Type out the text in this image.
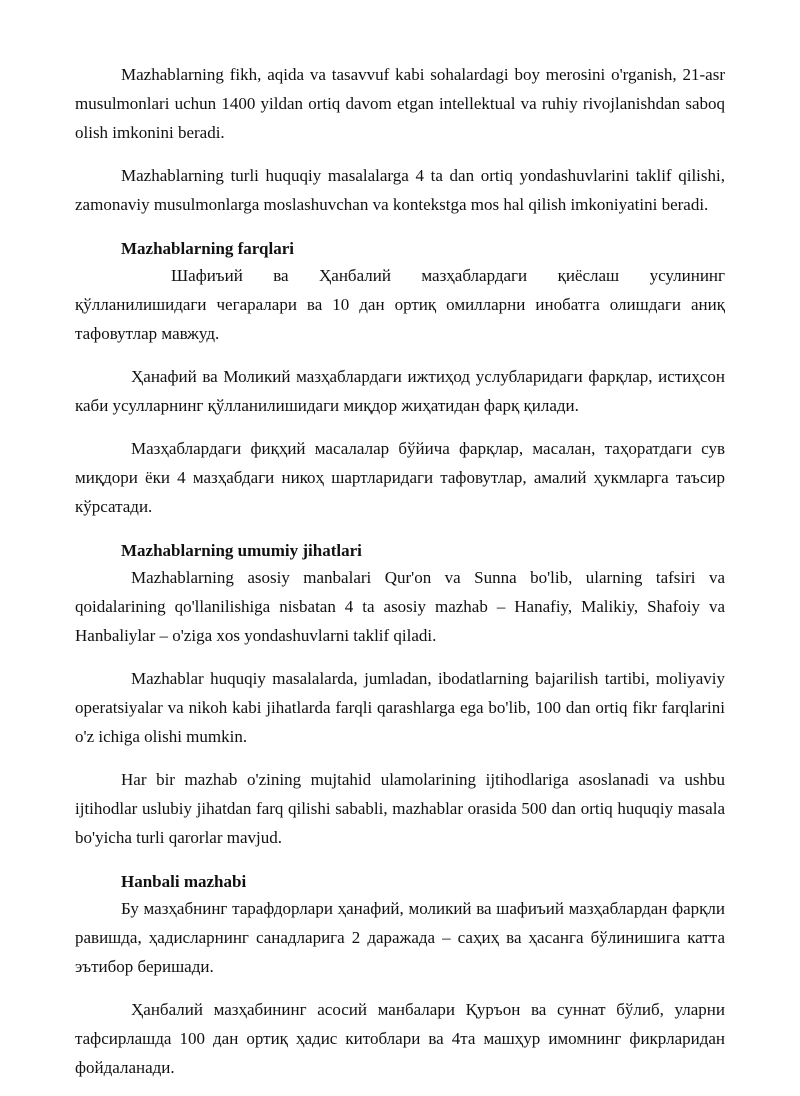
Mazhablarning fikh, aqida va tasavvuf kabi sohalardagi boy merosini o'rganish, 21-asr musulmonlari uchun 1400 yildan ortiq davom etgan intellektual va ruhiy rivojlanishdan saboq olish imkonini beradi.

Mazhablarning turli huquqiy masalalarga 4 ta dan ortiq yondashuvlarini taklif qilishi, zamonaviy musulmonlarga moslashuvchan va kontekstga mos hal qilish imkoniyatini beradi.

Mazhablarning farqlari

Шафиъий ва Ҳанбалий мазҳаблардаги қиёслаш усулининг қўлланилишидаги чегаралари ва 10 дан ортиқ омилларни инобатга олишдаги аниқ тафовутлар мавжуд.

Ҳанафий ва Моликий мазҳаблардаги ижтиҳод услубларидаги фарқлар, истиҳсон каби усулларнинг қўлланилишидаги миқдор жиҳатидан фарқ қилади.

Мазҳаблардаги фиқҳий масалалар бўйича фарқлар, масалан, таҳоратдаги сув миқдори ёки 4 мазҳабдаги никоҳ шартларидаги тафовутлар, амалий ҳукмларга таъсир кўрсатади.

Mazhablarning umumiy jihatlari

Mazhablarning asosiy manbalari Qur'on va Sunna bo'lib, ularning tafsiri va qoidalarining qo'llanilishiga nisbatan 4 ta asosiy mazhab – Hanafiy, Malikiy, Shafoiy va Hanbaliylar – o'ziga xos yondashuvlarni taklif qiladi.

Mazhablar huquqiy masalalarda, jumladan, ibodatlarning bajarilish tartibi, moliyaviy operatsiyalar va nikoh kabi jihatlarda farqli qarashlarga ega bo'lib, 100 dan ortiq fikr farqlarini o'z ichiga olishi mumkin.

Har bir mazhab o'zining mujtahid ulamolarining ijtihodlariga asoslanadi va ushbu ijtihodlar uslubiy jihatdan farq qilishi sababli, mazhablar orasida 500 dan ortiq huquqiy masala bo'yicha turli qarorlar mavjud.

Hanbali mazhabi

Бу мазҳабнинг тарафдорлари ҳанафий, моликий ва шафиъий мазҳаблардан фарқли равишда, ҳадисларнинг санадларига 2 даражада – саҳиҳ ва ҳасанга бўлинишига катта эътибор беришади.

Ҳанбалий мазҳабининг асосий манбалари Қуръон ва суннат бўлиб, уларни тафсирлашда 100 дан ортиқ ҳадис китоблари ва 4та машҳур имомнинг фикрларидан фойдаланади.
